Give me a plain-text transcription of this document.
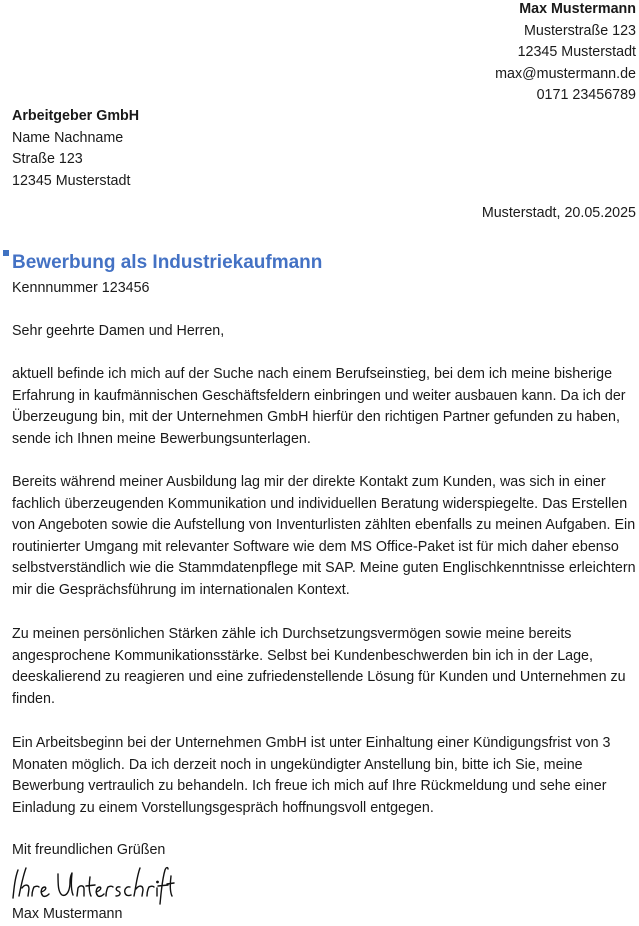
Max Mustermann
Musterstraße 123
12345 Musterstadt
max@mustermann.de
0171 23456789
Arbeitgeber GmbH
Name Nachname
Straße 123
12345 Musterstadt
Musterstadt, 20.05.2025
Bewerbung als Industriekaufmann
Kennnummer 123456
Sehr geehrte Damen und Herren,

aktuell befinde ich mich auf der Suche nach einem Berufseinstieg, bei dem ich meine bisherige Erfahrung in kaufmännischen Geschäftsfeldern einbringen und weiter ausbauen kann. Da ich der Überzeugung bin, mit der Unternehmen GmbH hierfür den richtigen Partner gefunden zu haben, sende ich Ihnen meine Bewerbungsunterlagen.

Bereits während meiner Ausbildung lag mir der direkte Kontakt zum Kunden, was sich in einer fachlich überzeugenden Kommunikation und individuellen Beratung widerspiegelte. Das Erstellen von Angeboten sowie die Aufstellung von Inventurlisten zählten ebenfalls zu meinen Aufgaben. Ein routinierter Umgang mit relevanter Software wie dem MS Office-Paket ist für mich daher ebenso selbstverständlich wie die Stammdatenpflege mit SAP. Meine guten Englischkenntnisse erleichtern mir die Gesprächsführung im internationalen Kontext.

Zu meinen persönlichen Stärken zähle ich Durchsetzungsvermögen sowie meine bereits angesprochene Kommunikationsstärke. Selbst bei Kundenbeschwerden bin ich in der Lage, deeskalierend zu reagieren und eine zufriedenstellende Lösung für Kunden und Unternehmen zu finden.

Ein Arbeitsbeginn bei der Unternehmen GmbH ist unter Einhaltung einer Kündigungsfrist von 3 Monaten möglich. Da ich derzeit noch in ungekündigter Anstellung bin, bitte ich Sie, meine Bewerbung vertraulich zu behandeln. Ich freue ich mich auf Ihre Rückmeldung und sehe einer Einladung zu einem Vorstellungsgespräch hoffnungsvoll entgegen.

Mit freundlichen Grüßen
Max Mustermann
